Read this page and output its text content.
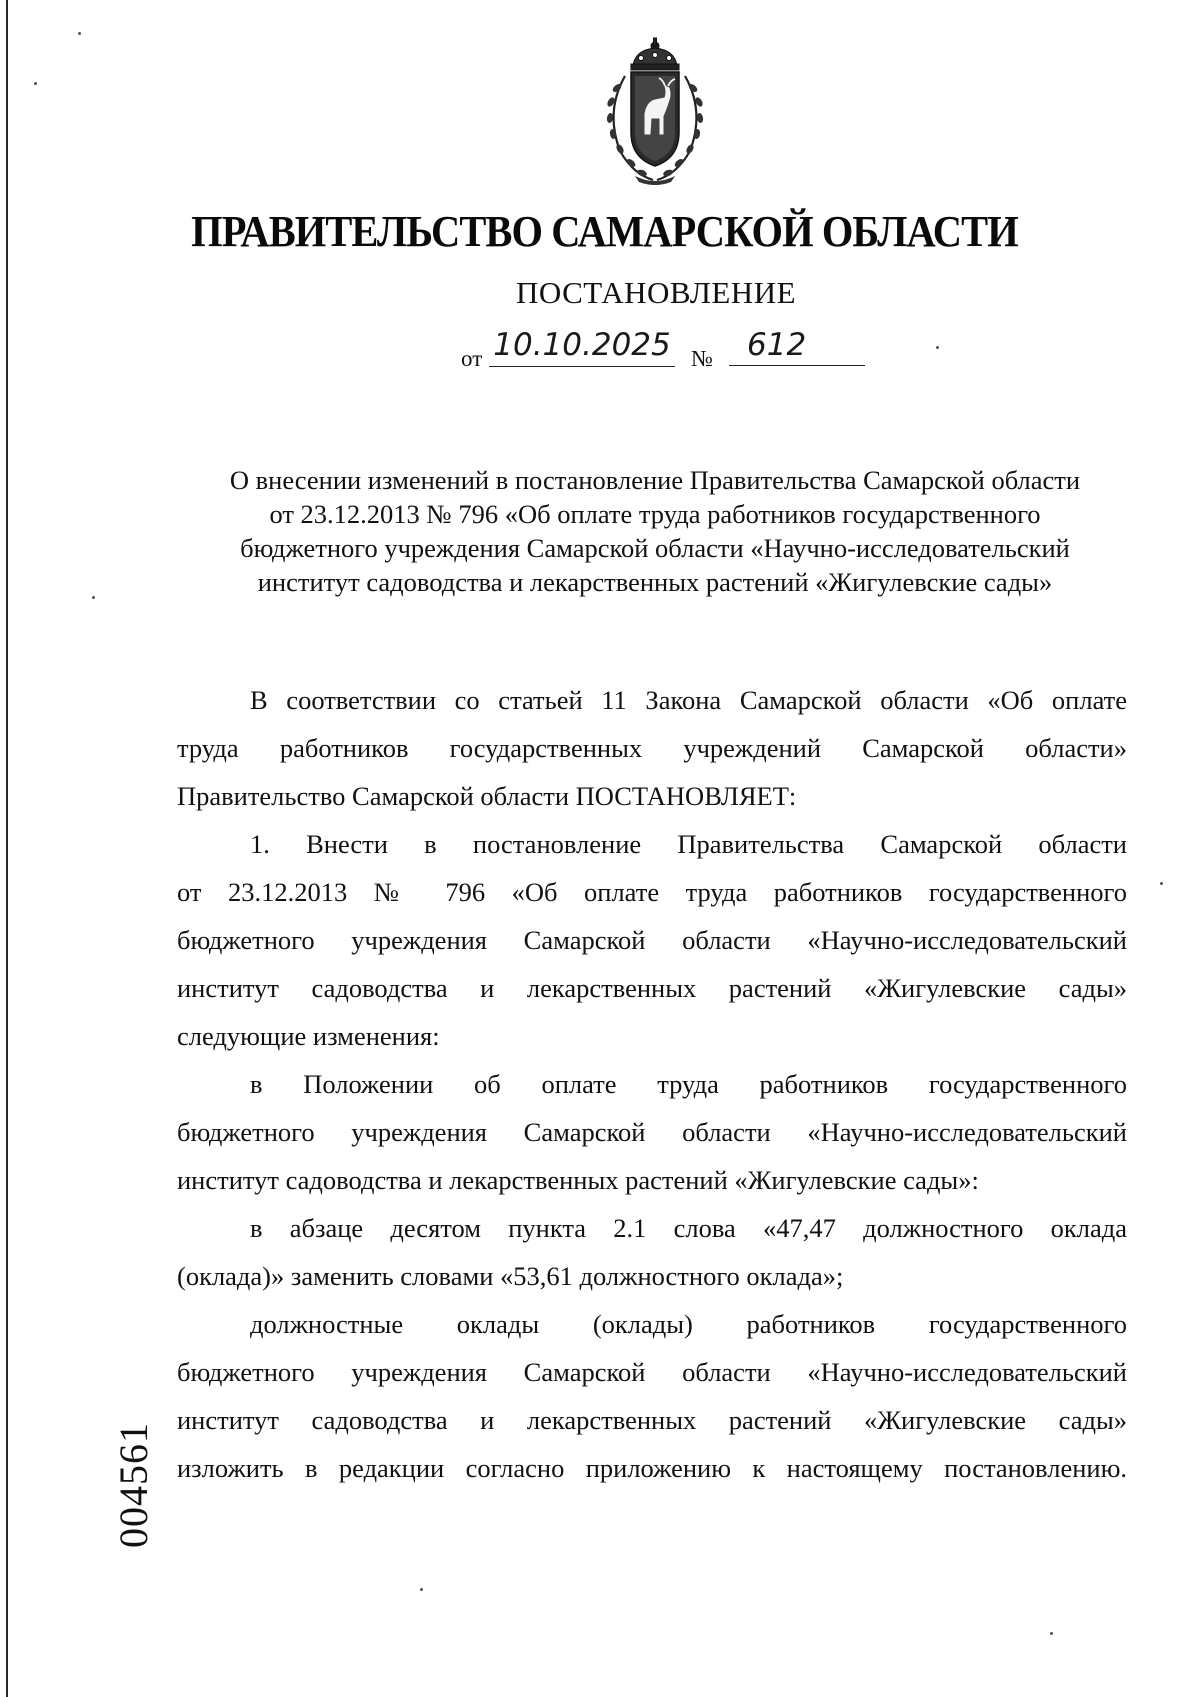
ПРАВИТЕЛЬСТВО САМАРСКОЙ ОБЛАСТИ
ПОСТАНОВЛЕНИЕ
от 10.10.2025 №	612
О внесении изменений в постановление Правительства Самарской области
от 23.12.2013 № 796 «Об оплате труда работников государственного
бюджетного учреждения Самарской области «Научно-исследовательский
институт садоводства и лекарственных растений «Жигулевские сады»
В соответствии со статьей 11 Закона Самарской области «Об оплате
труда работников государственных учреждений Самарской области»
Правительство Самарской области ПОСТАНОВЛЯЕТ:
1. Внести в постановление Правительства Самарской области
от 23.12.2013 № 796 «Об оплате труда работников государственного
бюджетного учреждения Самарской области «Научно-исследовательский
институт садоводства и лекарственных растений «Жигулевские сады»
следующие изменения:
в Положении об оплате труда работников государственного
бюджетного учреждения Самарской области «Научно-исследовательский
институт садоводства и лекарственных растений «Жигулевские сады»:
в абзаце десятом пункта 2.1 слова «47,47 должностного оклада
(оклада)» заменить словами «53,61 должностного оклада»;
должностные оклады (оклады) работников государственного
бюджетного учреждения Самарской области «Научно-исследовательский
институт садоводства и лекарственных растений «Жигулевские сады»
изложить в редакции согласно приложению к настоящему постановлению.
004561
